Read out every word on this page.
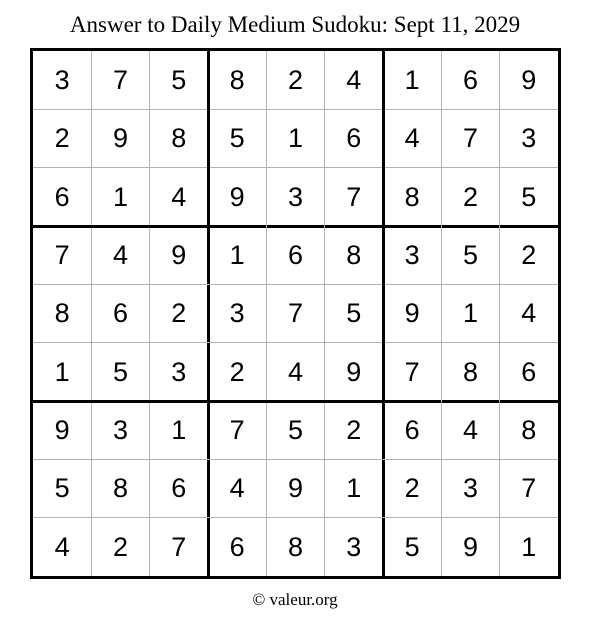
Answer to Daily Medium Sudoku: Sept 11, 2029
3	7	5	8	2	4	1	6	9
2	9	8	5	1	6	4	7	3
6	1	4	9	3	7	8	2	5
7	4	9	1	6	8	3	5	2
8	6	2	3	7	5	9	1	4
1	5	3	2	4	9	7	8	6
9	3	1	7	5	2	6	4	8
5	8	6	4	9	1	2	3	7
4	2	7	6	8	3	5	9	1
© valeur.org
